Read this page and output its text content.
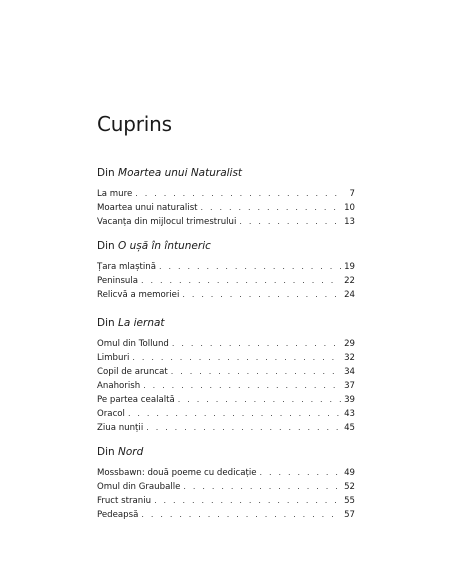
Cuprins
Din Moartea unui Naturalist
La mure . . .	7
Moartea unui naturalist . . .	10
Vacanța din mijlocul trimestrului . . .	13
Din O ușă în întuneric
Țara mlaștină . . .	19
Peninsula . . .	22
Relicvă a memoriei . . .	24
Din La iernat
Omul din Tollund . . .	29
Limburi . . .	32
Copil de aruncat . . .	34
Anahorish . . .	37
Pe partea cealaltă . . .	39
Oracol . . .	43
Ziua nunții . . .	45
Din Nord
Mossbawn: două poeme cu dedicație . . .	49
Omul din Grauballe . . .	52
Fruct straniu . . .	55
Pedeapsă . . .	57
